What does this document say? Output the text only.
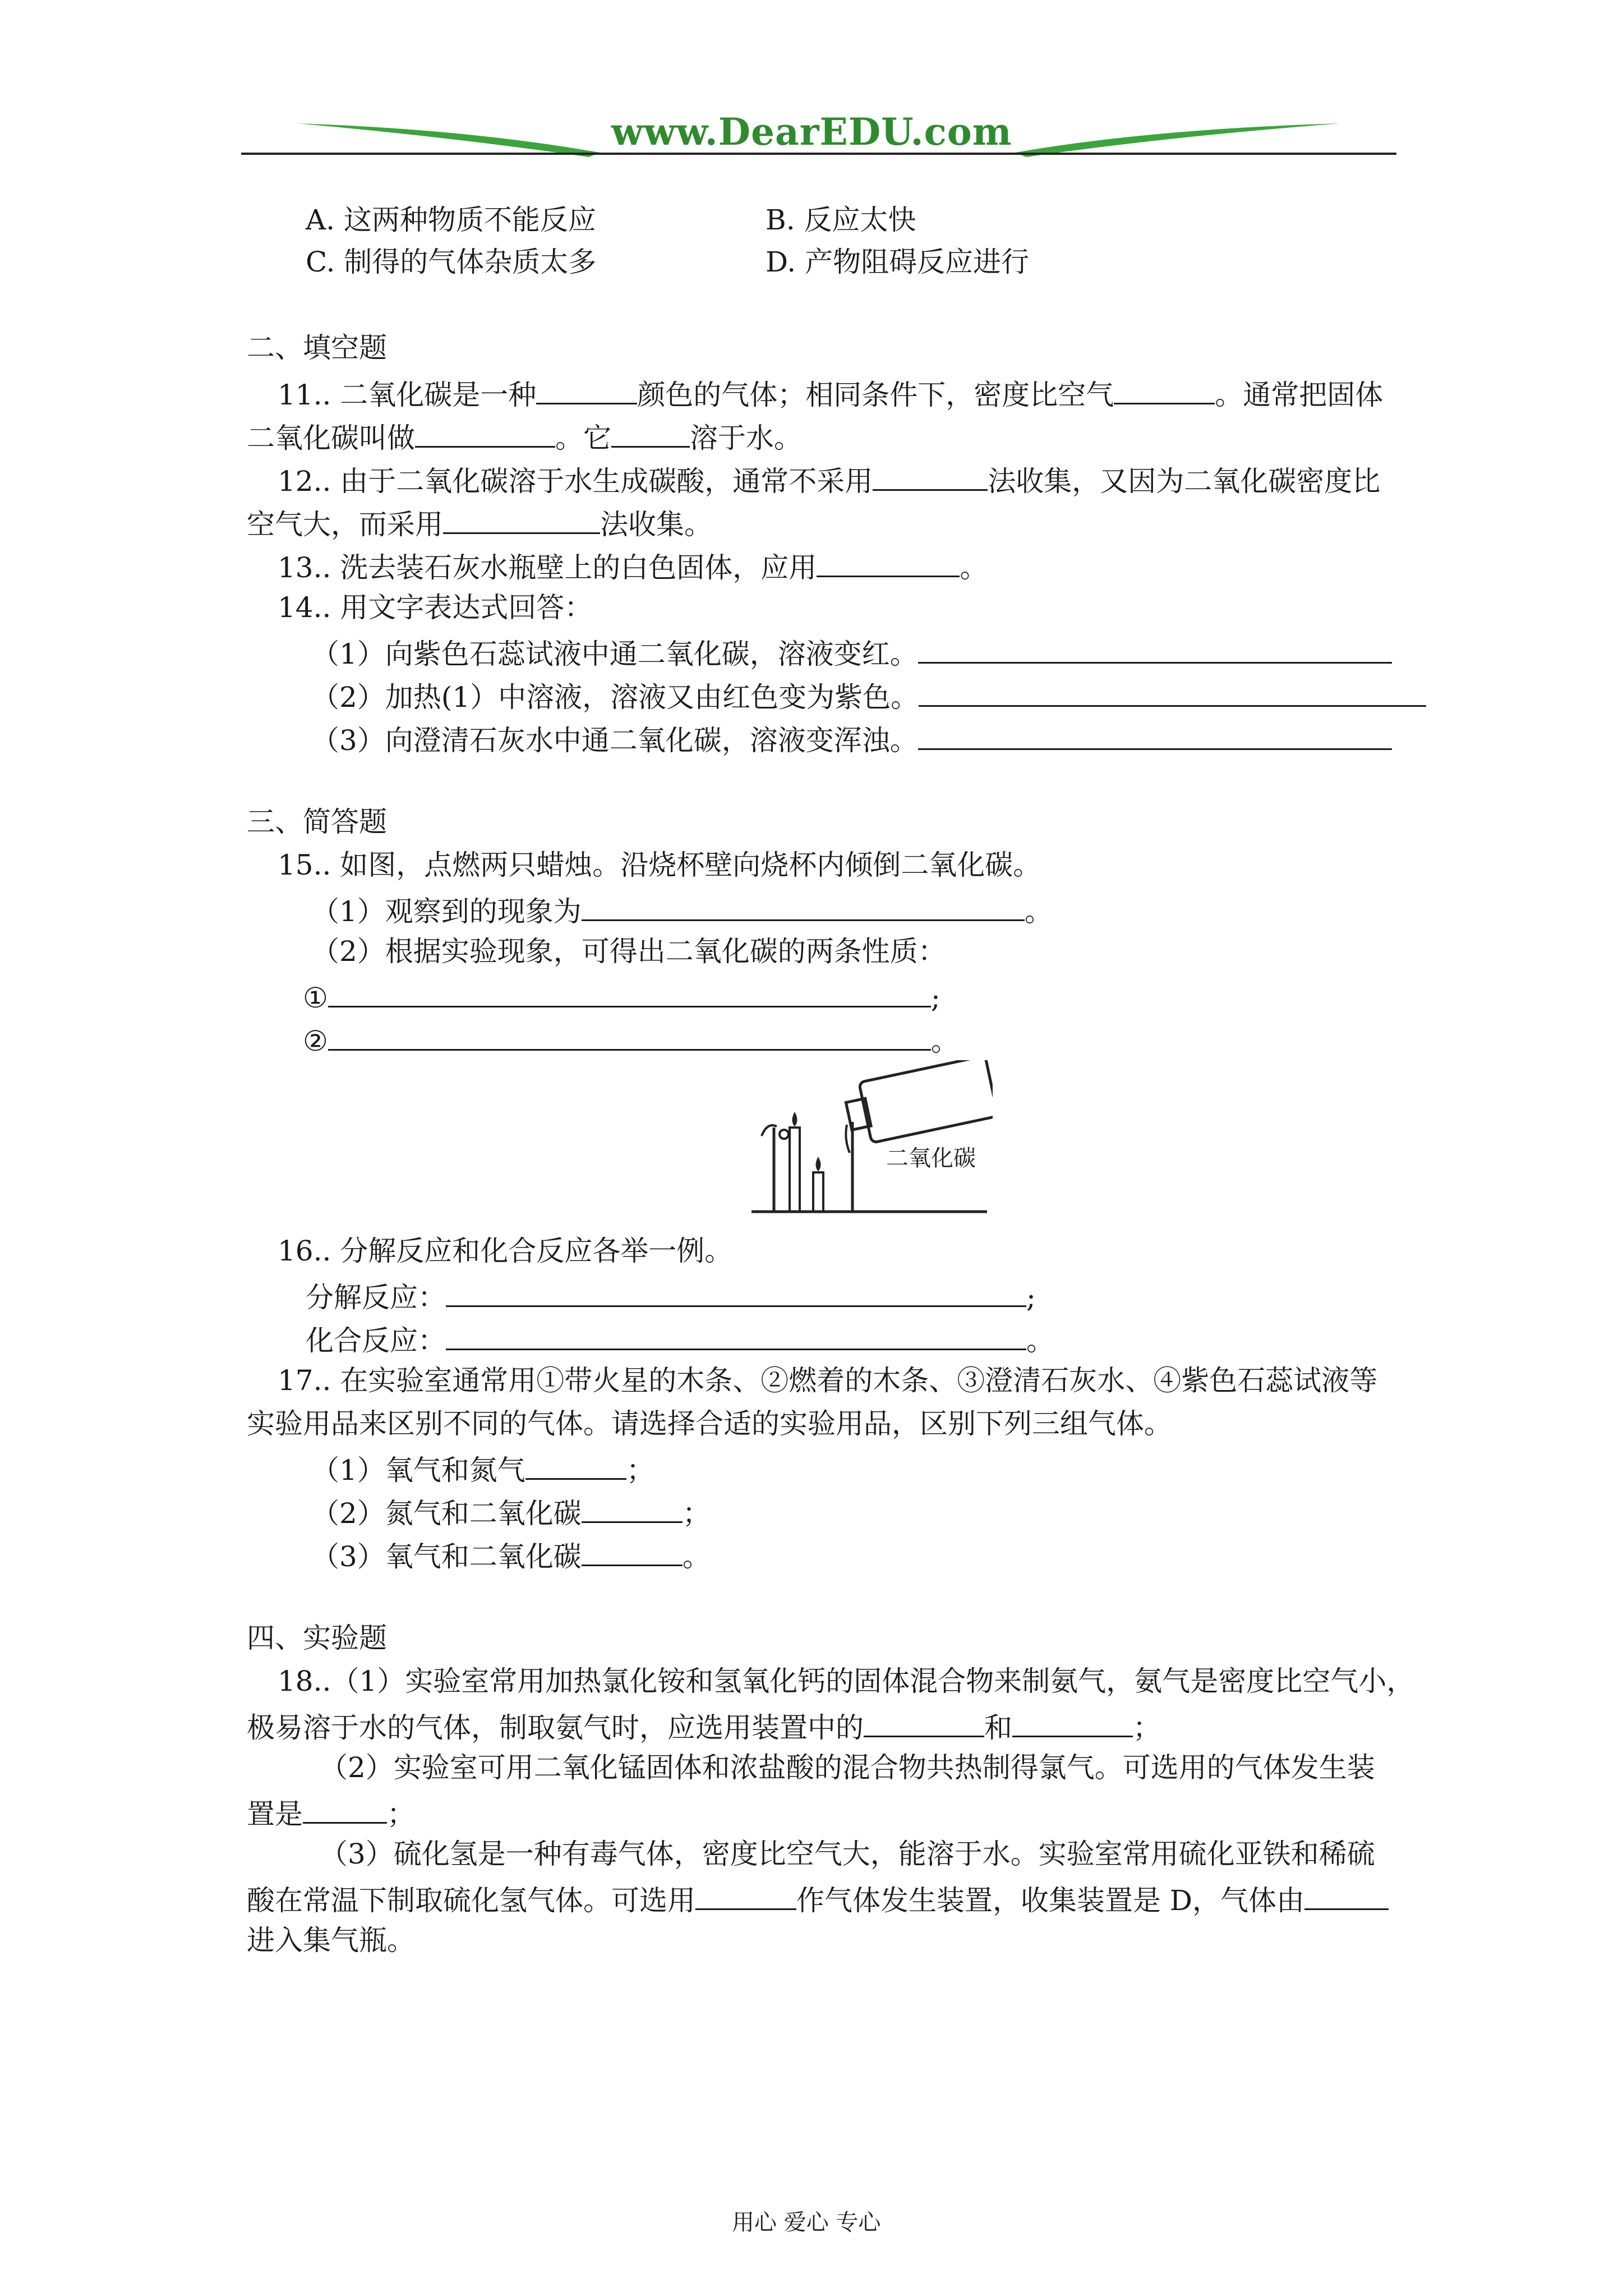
www.DearEDU.com
A. 这两种物质不能反应	B. 反应太快
C. 制得的气体杂质太多	D. 产物阻碍反应进行
二、填空题
11.. 二氧化碳是一种	颜色的气体；相同条件下，密度比空气	。通常把固体
二氧化碳叫做	。它	溶于水。
12.. 由于二氧化碳溶于水生成碳酸，通常不采用	法收集，又因为二氧化碳密度比
空气大，而采用	法收集。
13.. 洗去装石灰水瓶壁上的白色固体，应用	。
14.. 用文字表达式回答：
（1）向紫色石蕊试液中通二氧化碳，溶液变红。
（2）加热(1）中溶液，溶液又由红色变为紫色。
（3）向澄清石灰水中通二氧化碳，溶液变浑浊。
三、简答题
15.. 如图，点燃两只蜡烛。沿烧杯壁向烧杯内倾倒二氧化碳。
（1）观察到的现象为	。
（2）根据实验现象，可得出二氧化碳的两条性质：
①	;
②	。
二氧化碳
16.. 分解反应和化合反应各举一例。
分解反应：	;
化合反应：	。
17.. 在实验室通常用①带火星的木条、②燃着的木条、③澄清石灰水、④紫色石蕊试液等
实验用品来区别不同的气体。请选择合适的实验用品，区别下列三组气体。
（1）氧气和氮气	；
（2）氮气和二氧化碳	；
（3）氧气和二氧化碳	。
四、实验题
18..（1）实验室常用加热氯化铵和氢氧化钙的固体混合物来制氨气，氨气是密度比空气小，
极易溶于水的气体，制取氨气时，应选用装置中的	和	；
（2）实验室可用二氧化锰固体和浓盐酸的混合物共热制得氯气。可选用的气体发生装
置是	；
（3）硫化氢是一种有毒气体，密度比空气大，能溶于水。实验室常用硫化亚铁和稀硫
酸在常温下制取硫化氢气体。可选用	作气体发生装置，收集装置是 D，气体由
进入集气瓶。
用心 爱心 专心
